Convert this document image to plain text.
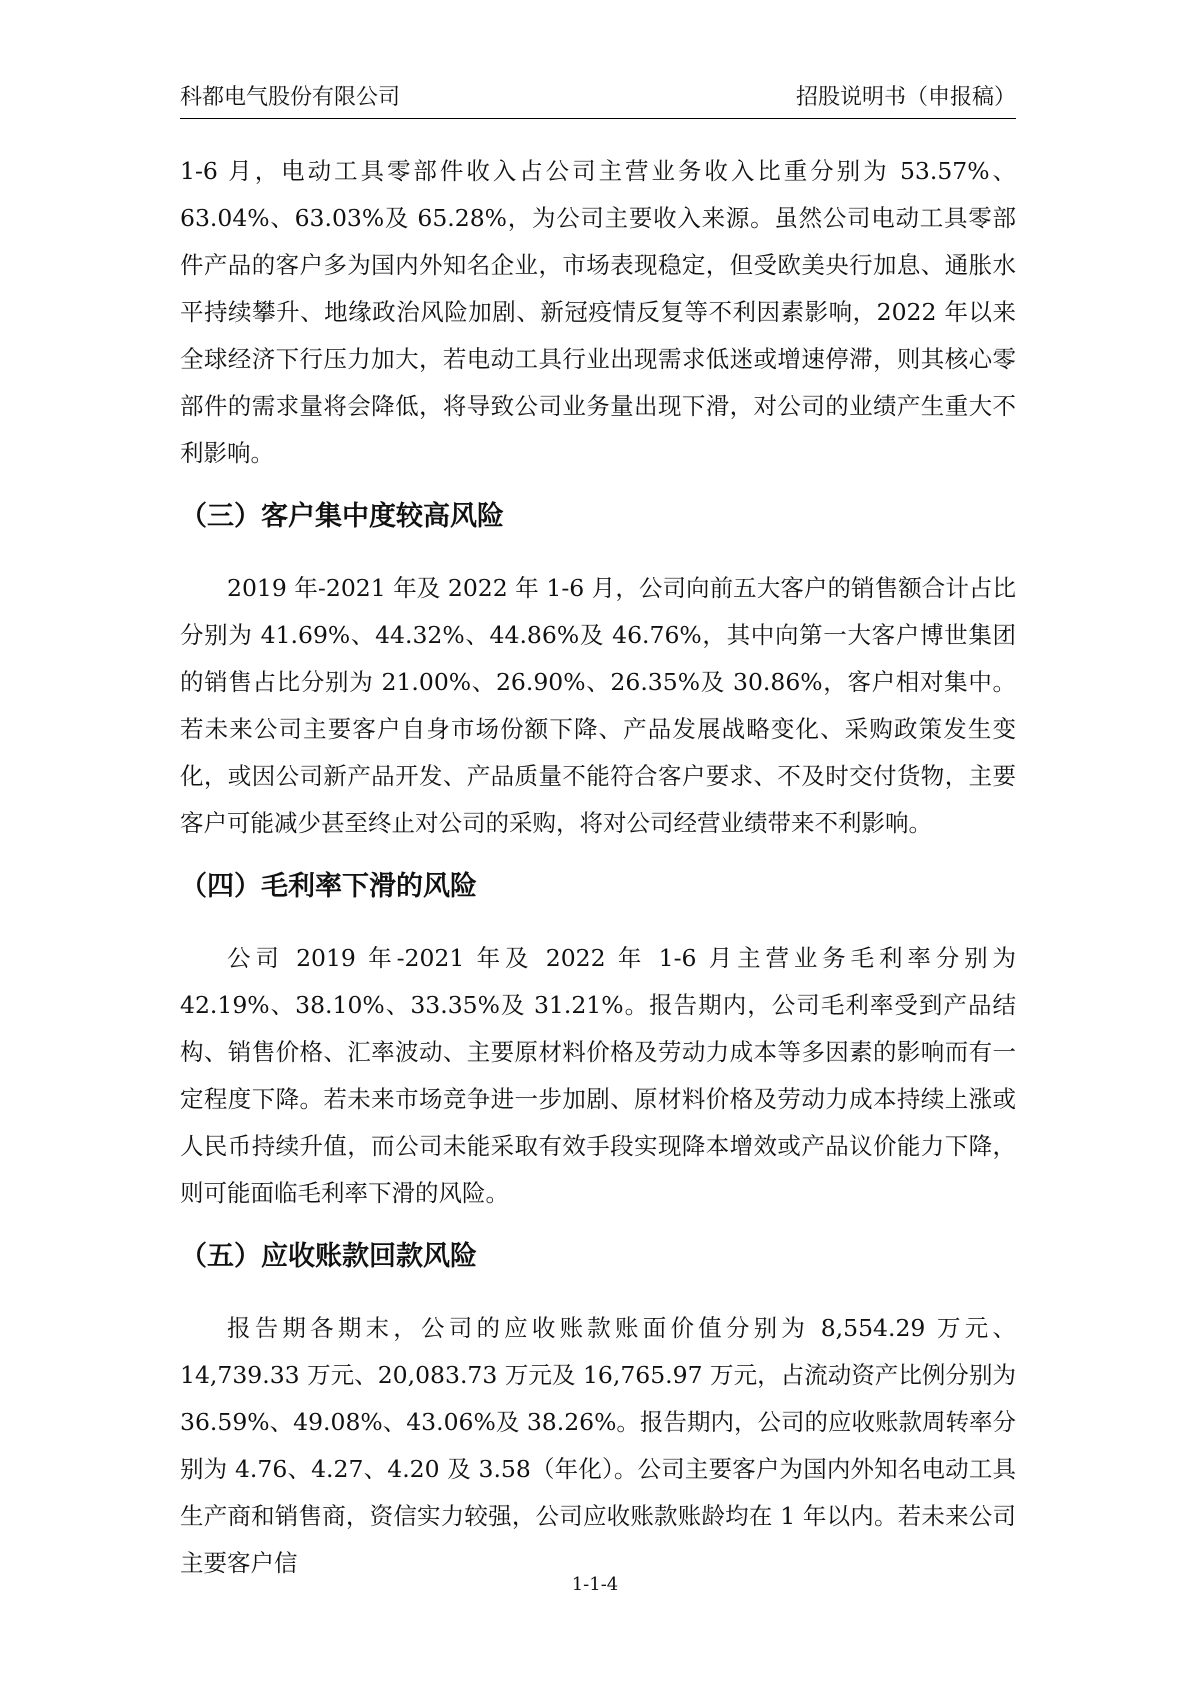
科都电气股份有限公司	招股说明书（申报稿）

1-6 月，电动工具零部件收入占公司主营业务收入比重分别为 53.57%、63.04%、63.03%及 65.28%，为公司主要收入来源。虽然公司电动工具零部件产品的客户多为国内外知名企业，市场表现稳定，但受欧美央行加息、通胀水平持续攀升、地缘政治风险加剧、新冠疫情反复等不利因素影响，2022 年以来全球经济下行压力加大，若电动工具行业出现需求低迷或增速停滞，则其核心零部件的需求量将会降低，将导致公司业务量出现下滑，对公司的业绩产生重大不利影响。

（三）客户集中度较高风险

2019 年-2021 年及 2022 年 1-6 月，公司向前五大客户的销售额合计占比分别为 41.69%、44.32%、44.86%及 46.76%，其中向第一大客户博世集团的销售占比分别为 21.00%、26.90%、26.35%及 30.86%，客户相对集中。若未来公司主要客户自身市场份额下降、产品发展战略变化、采购政策发生变化，或因公司新产品开发、产品质量不能符合客户要求、不及时交付货物，主要客户可能减少甚至终止对公司的采购，将对公司经营业绩带来不利影响。

（四）毛利率下滑的风险

公司 2019 年-2021 年及 2022 年 1-6 月主营业务毛利率分别为 42.19%、38.10%、33.35%及 31.21%。报告期内，公司毛利率受到产品结构、销售价格、汇率波动、主要原材料价格及劳动力成本等多因素的影响而有一定程度下降。若未来市场竞争进一步加剧、原材料价格及劳动力成本持续上涨或人民币持续升值，而公司未能采取有效手段实现降本增效或产品议价能力下降，则可能面临毛利率下滑的风险。

（五）应收账款回款风险

报告期各期末，公司的应收账款账面价值分别为 8,554.29 万元、14,739.33 万元、20,083.73 万元及 16,765.97 万元，占流动资产比例分别为 36.59%、49.08%、43.06%及 38.26%。报告期内，公司的应收账款周转率分别为 4.76、4.27、4.20 及 3.58（年化）。公司主要客户为国内外知名电动工具生产商和销售商，资信实力较强，公司应收账款账龄均在 1 年以内。若未来公司主要客户信

1-1-4
